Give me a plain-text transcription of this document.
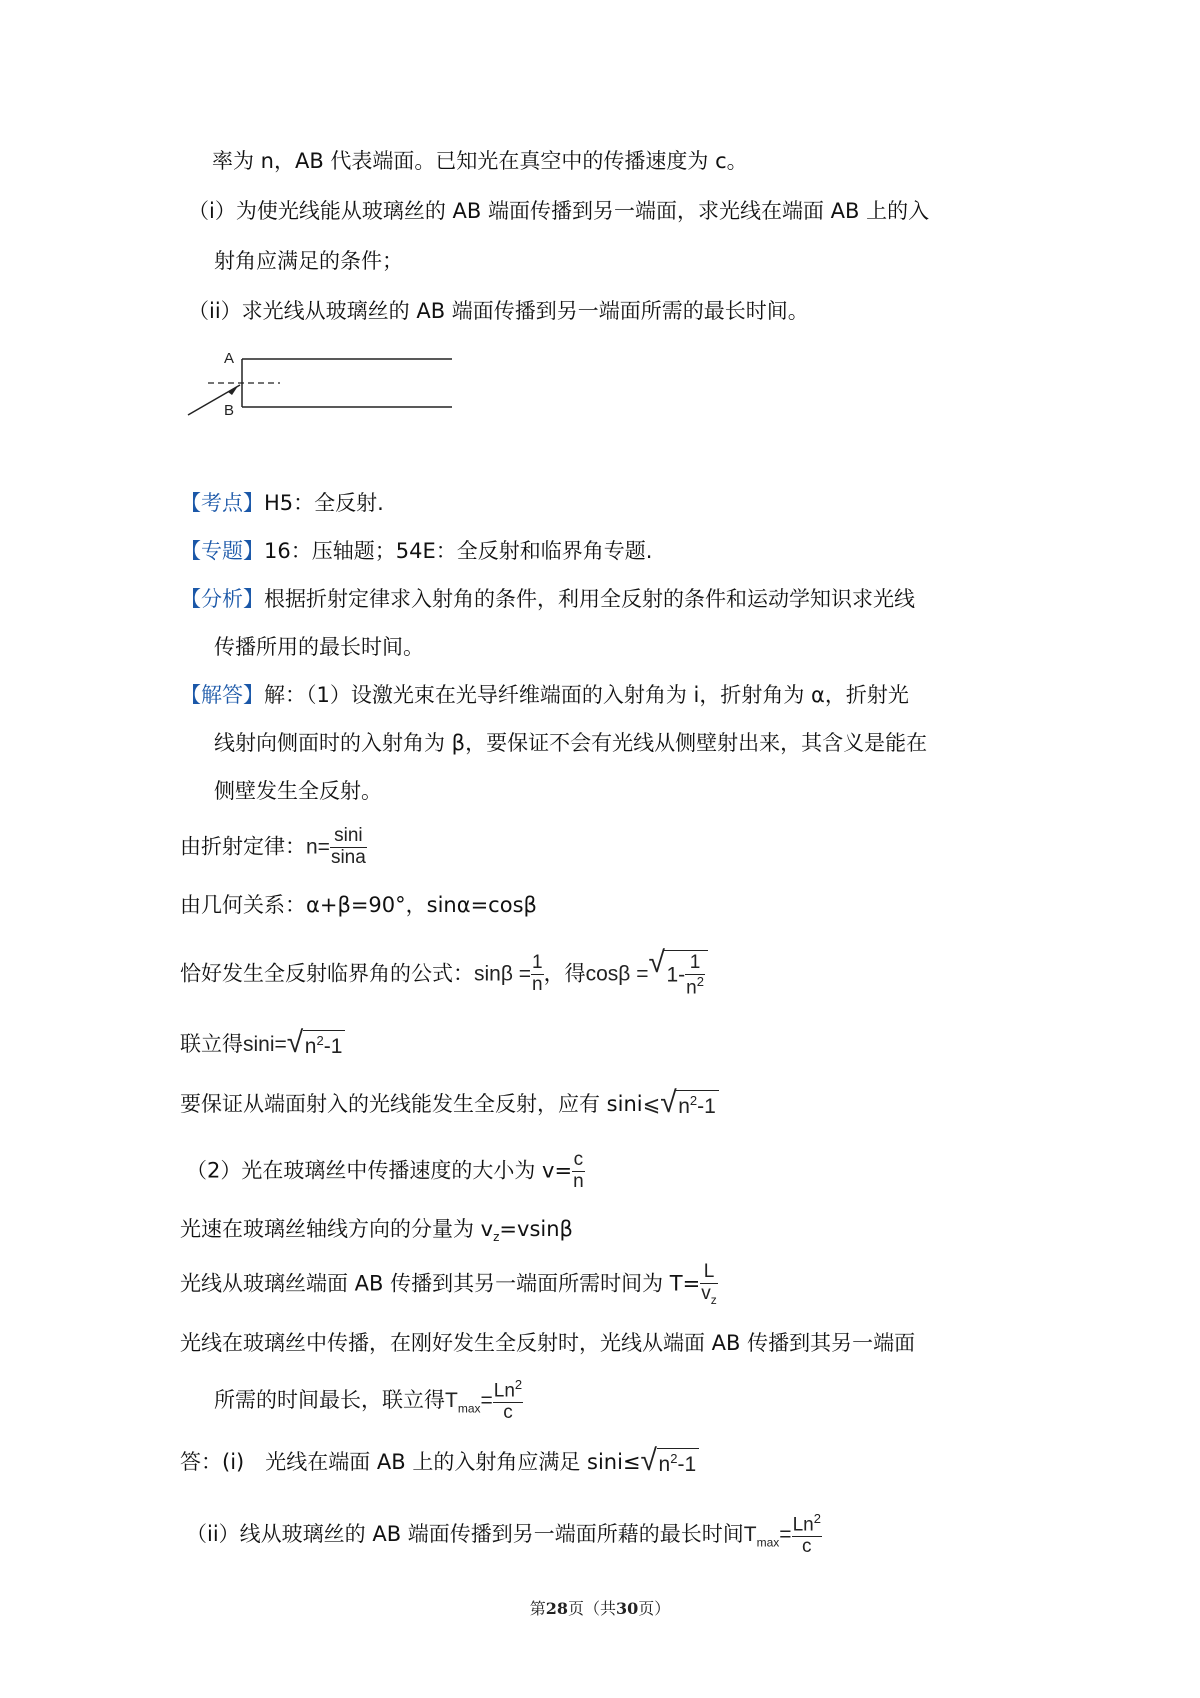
率为 n，AB 代表端面。已知光在真空中的传播速度为 c。
（i）为使光线能从玻璃丝的 AB 端面传播到另一端面，求光线在端面 AB 上的入
射角应满足的条件；
（ii）求光线从玻璃丝的 AB 端面传播到另一端面所需的最长时间。
A
B
【考点】H5：全反射.
【专题】16：压轴题；54E：全反射和临界角专题.
【分析】根据折射定律求入射角的条件，利用全反射的条件和运动学知识求光线
传播所用的最长时间。
【解答】解：（1）设激光束在光导纤维端面的入射角为 i，折射角为 α，折射光
线射向侧面时的入射角为 β，要保证不会有光线从侧壁射出来，其含义是能在
侧壁发生全反射。
由折射定律：$n= \frac{\sin i}{\sin a}$
由几何关系：α+β=90°，sinα=cosβ
恰好发生全反射临界角的公式：$\sin\beta = \frac{1}{n}$ ，得cosβ = √ $1- \frac{1}{n^2}$
联立得sini= √ $n^2-1$
要保证从端面射入的光线能发生全反射，应有 sini⩽ √ $n^2-1$
（2）光在玻璃丝中传播速度的大小为 $v= \frac{c}{n}$
光速在玻璃丝轴线方向的分量为 $v_z=vsin\beta$
光线从玻璃丝端面 AB 传播到其另一端面所需时间为 $T= \frac{L}{v_z}$
光线在玻璃丝中传播，在刚好发生全反射时，光线从端面 AB 传播到其另一端面
所需的时间最长，联立得$T_{max}= \frac{Ln^2}{c}$
答：(i)　光线在端面 AB 上的入射角应满足 sini≤ √ $n^2-1$
（ii）线从玻璃丝的 AB 端面传播到另一端面所藉的最长时间$T_{max}= \frac{Ln^2}{c}$
第28页（共30页）
